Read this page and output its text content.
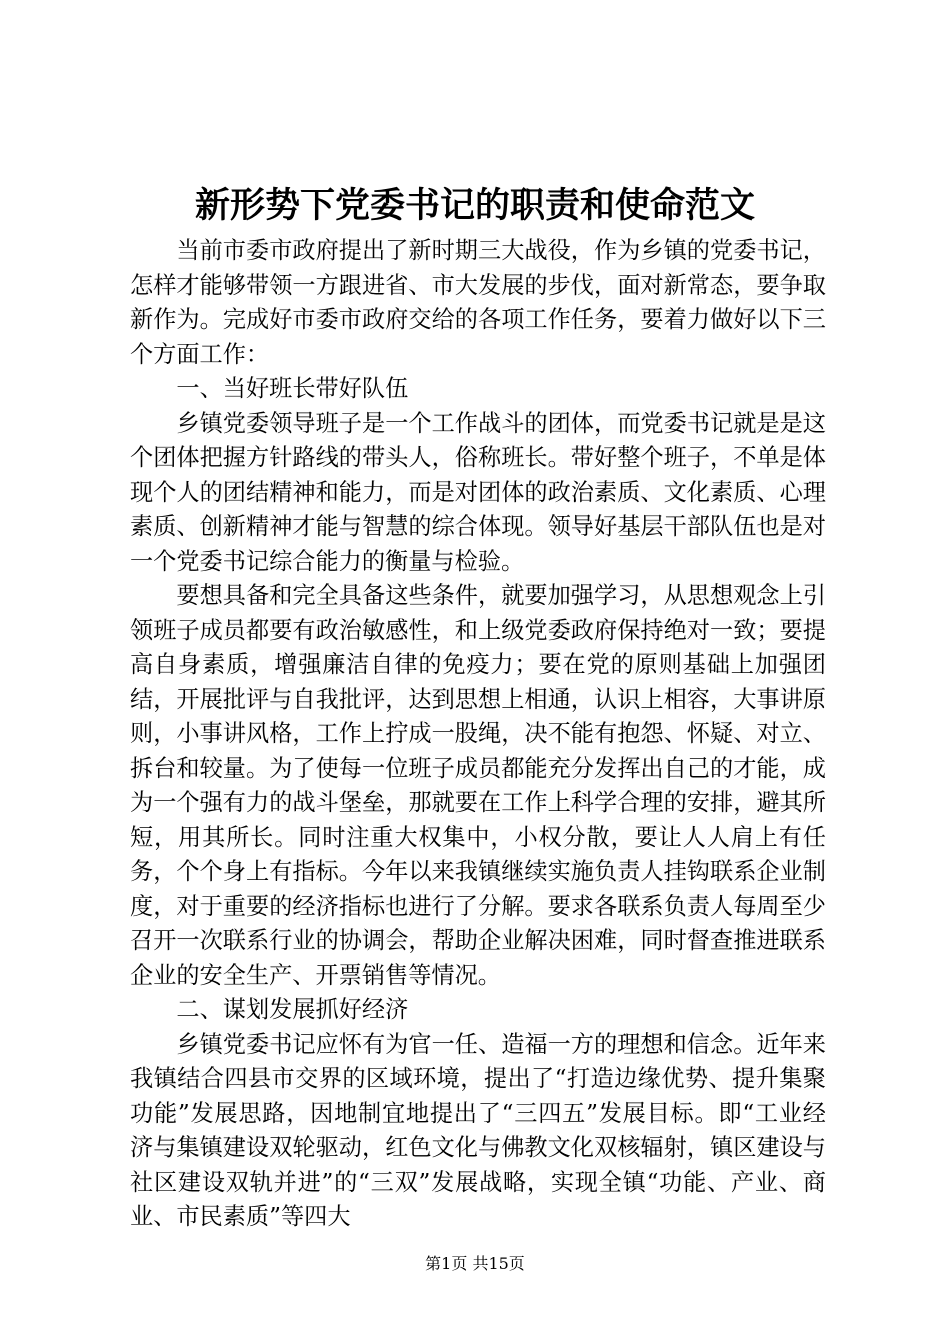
新形势下党委书记的职责和使命范文

当前市委市政府提出了新时期三大战役，作为乡镇的党委书记，怎样才能够带领一方跟进省、市大发展的步伐，面对新常态，要争取新作为。完成好市委市政府交给的各项工作任务，要着力做好以下三个方面工作：

一、当好班长带好队伍

乡镇党委领导班子是一个工作战斗的团体，而党委书记就是是这个团体把握方针路线的带头人，俗称班长。带好整个班子，不单是体现个人的团结精神和能力，而是对团体的政治素质、文化素质、心理素质、创新精神才能与智慧的综合体现。领导好基层干部队伍也是对一个党委书记综合能力的衡量与检验。

要想具备和完全具备这些条件，就要加强学习，从思想观念上引领班子成员都要有政治敏感性，和上级党委政府保持绝对一致；要提高自身素质，增强廉洁自律的免疫力；要在党的原则基础上加强团结，开展批评与自我批评，达到思想上相通，认识上相容，大事讲原则，小事讲风格，工作上拧成一股绳，决不能有抱怨、怀疑、对立、拆台和较量。为了使每一位班子成员都能充分发挥出自己的才能，成为一个强有力的战斗堡垒，那就要在工作上科学合理的安排，避其所短，用其所长。同时注重大权集中，小权分散，要让人人肩上有任务，个个身上有指标。今年以来我镇继续实施负责人挂钩联系企业制度，对于重要的经济指标也进行了分解。要求各联系负责人每周至少召开一次联系行业的协调会，帮助企业解决困难，同时督查推进联系企业的安全生产、开票销售等情况。

二、谋划发展抓好经济

乡镇党委书记应怀有为官一任、造福一方的理想和信念。近年来我镇结合四县市交界的区域环境，提出了“打造边缘优势、提升集聚功能”发展思路，因地制宜地提出了“三四五”发展目标。即“工业经济与集镇建设双轮驱动，红色文化与佛教文化双核辐射，镇区建设与社区建设双轨并进”的“三双”发展战略，实现全镇“功能、产业、商业、市民素质”等四大

第1页 共15页
